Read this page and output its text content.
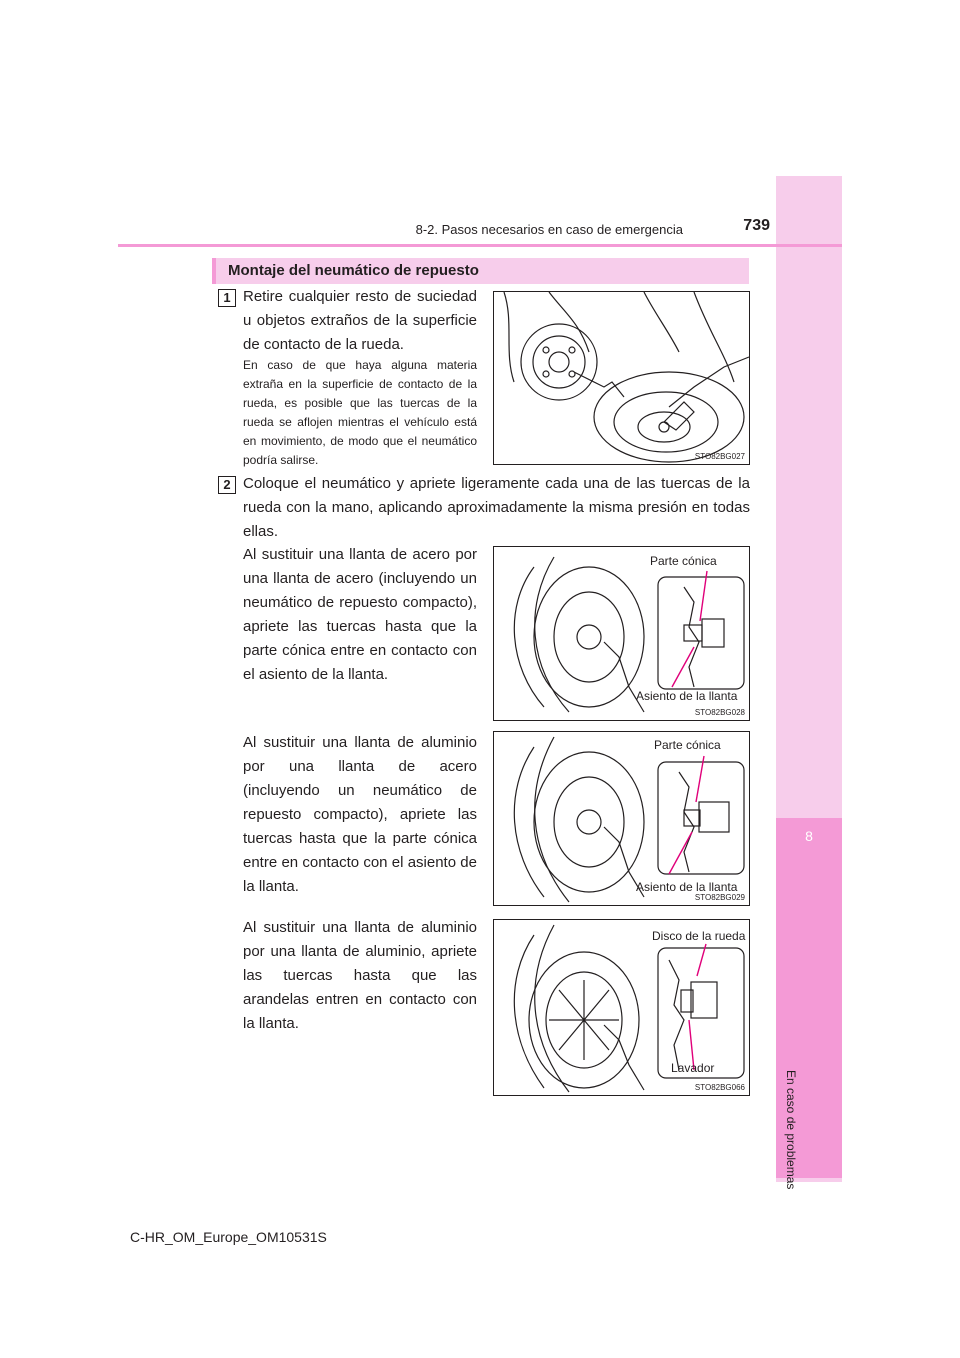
8
En caso de problemas
8-2. Pasos necesarios en caso de emergencia	739
Montaje del neumático de repuesto
1 Retire cualquier resto de suciedad u objetos extraños de la superficie de contacto de la rueda.
En caso de que haya alguna materia extraña en la superficie de contacto de la rueda, es posible que las tuercas de la rueda se aflojen mientras el vehículo está en movimiento, de modo que el neumático podría salirse.	STO82BG027
2 Coloque el neumático y apriete ligeramente cada una de las tuercas de la rueda con la mano, aplicando aproximadamente la misma presión en todas ellas.
Al sustituir una llanta de acero por una llanta de acero (incluyendo un neumático de repuesto compacto), apriete las tuercas hasta que la parte cónica entre en contacto con el asiento de la llanta.
Parte cónica
Asiento de la llanta
STO82BG028
Al sustituir una llanta de aluminio por una llanta de acero (incluyendo un neumático de repuesto compacto), apriete las tuercas hasta que la parte cónica entre en contacto con el asiento de la llanta.
Parte cónica
Asiento de la llanta
STO82BG029
Al sustituir una llanta de aluminio por una llanta de aluminio, apriete las tuercas hasta que las arandelas entren en contacto con la llanta.
Disco de la rueda
Lavador
STO82BG066
C-HR_OM_Europe_OM10531S
